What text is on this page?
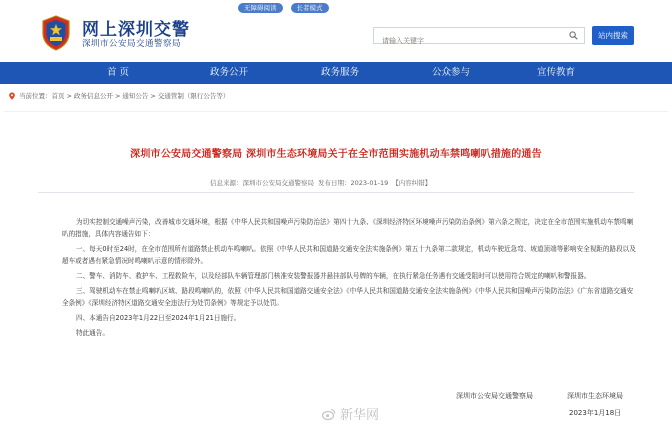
无障碍阅读	长者模式
网上深圳交警
深圳市公安局交通警察局
请输入关键字
站内搜索
首 页	政务公开	政务服务	公众参与	宣传教育
当前位置：首页 > 政务信息公开 > 通知公告 > 交通管制（限行公告等）
深圳市公安局交通警察局 深圳市生态环境局关于在全市范围实施机动车禁鸣喇叭措施的通告
信息来源：深圳市公安局交通警察局 发布日期：2023-01-19 【内容纠错】

为切实控制交通噪声污染，改善城市交通环境，根据《中华人民共和国噪声污染防治法》第四十九条、《深圳经济特区环境噪声污染防治条例》第六条之规定，决定在全市范围实施机动车禁鸣喇叭的措施，具体内容通告如下：

一、每天0时至24时，在全市范围所有道路禁止机动车鸣喇叭。依照《中华人民共和国道路交通安全法实施条例》第五十九条第二款规定，机动车驶近急弯、坡道顶端等影响安全视距的路段以及超车或者遇有紧急情况时鸣喇叭示意的情形除外。

二、警车、消防车、救护车、工程救险车，以及经部队车辆管理部门核准安装警报器并悬挂部队号牌的车辆，在执行紧急任务遇有交通受阻时可以使用符合规定的喇叭和警报器。

三、驾驶机动车在禁止鸣喇叭区域、路段鸣喇叭的，依照《中华人民共和国道路交通安全法》《中华人民共和国道路交通安全法实施条例》《中华人民共和国噪声污染防治法》《广东省道路交通安全条例》《深圳经济特区道路交通安全违法行为处罚条例》等规定予以处罚。

四、本通告自2023年1月22日至2024年1月21日施行。

特此通告。

深圳市公安局交通警察局	深圳市生态环境局
2023年1月18日
新华网
